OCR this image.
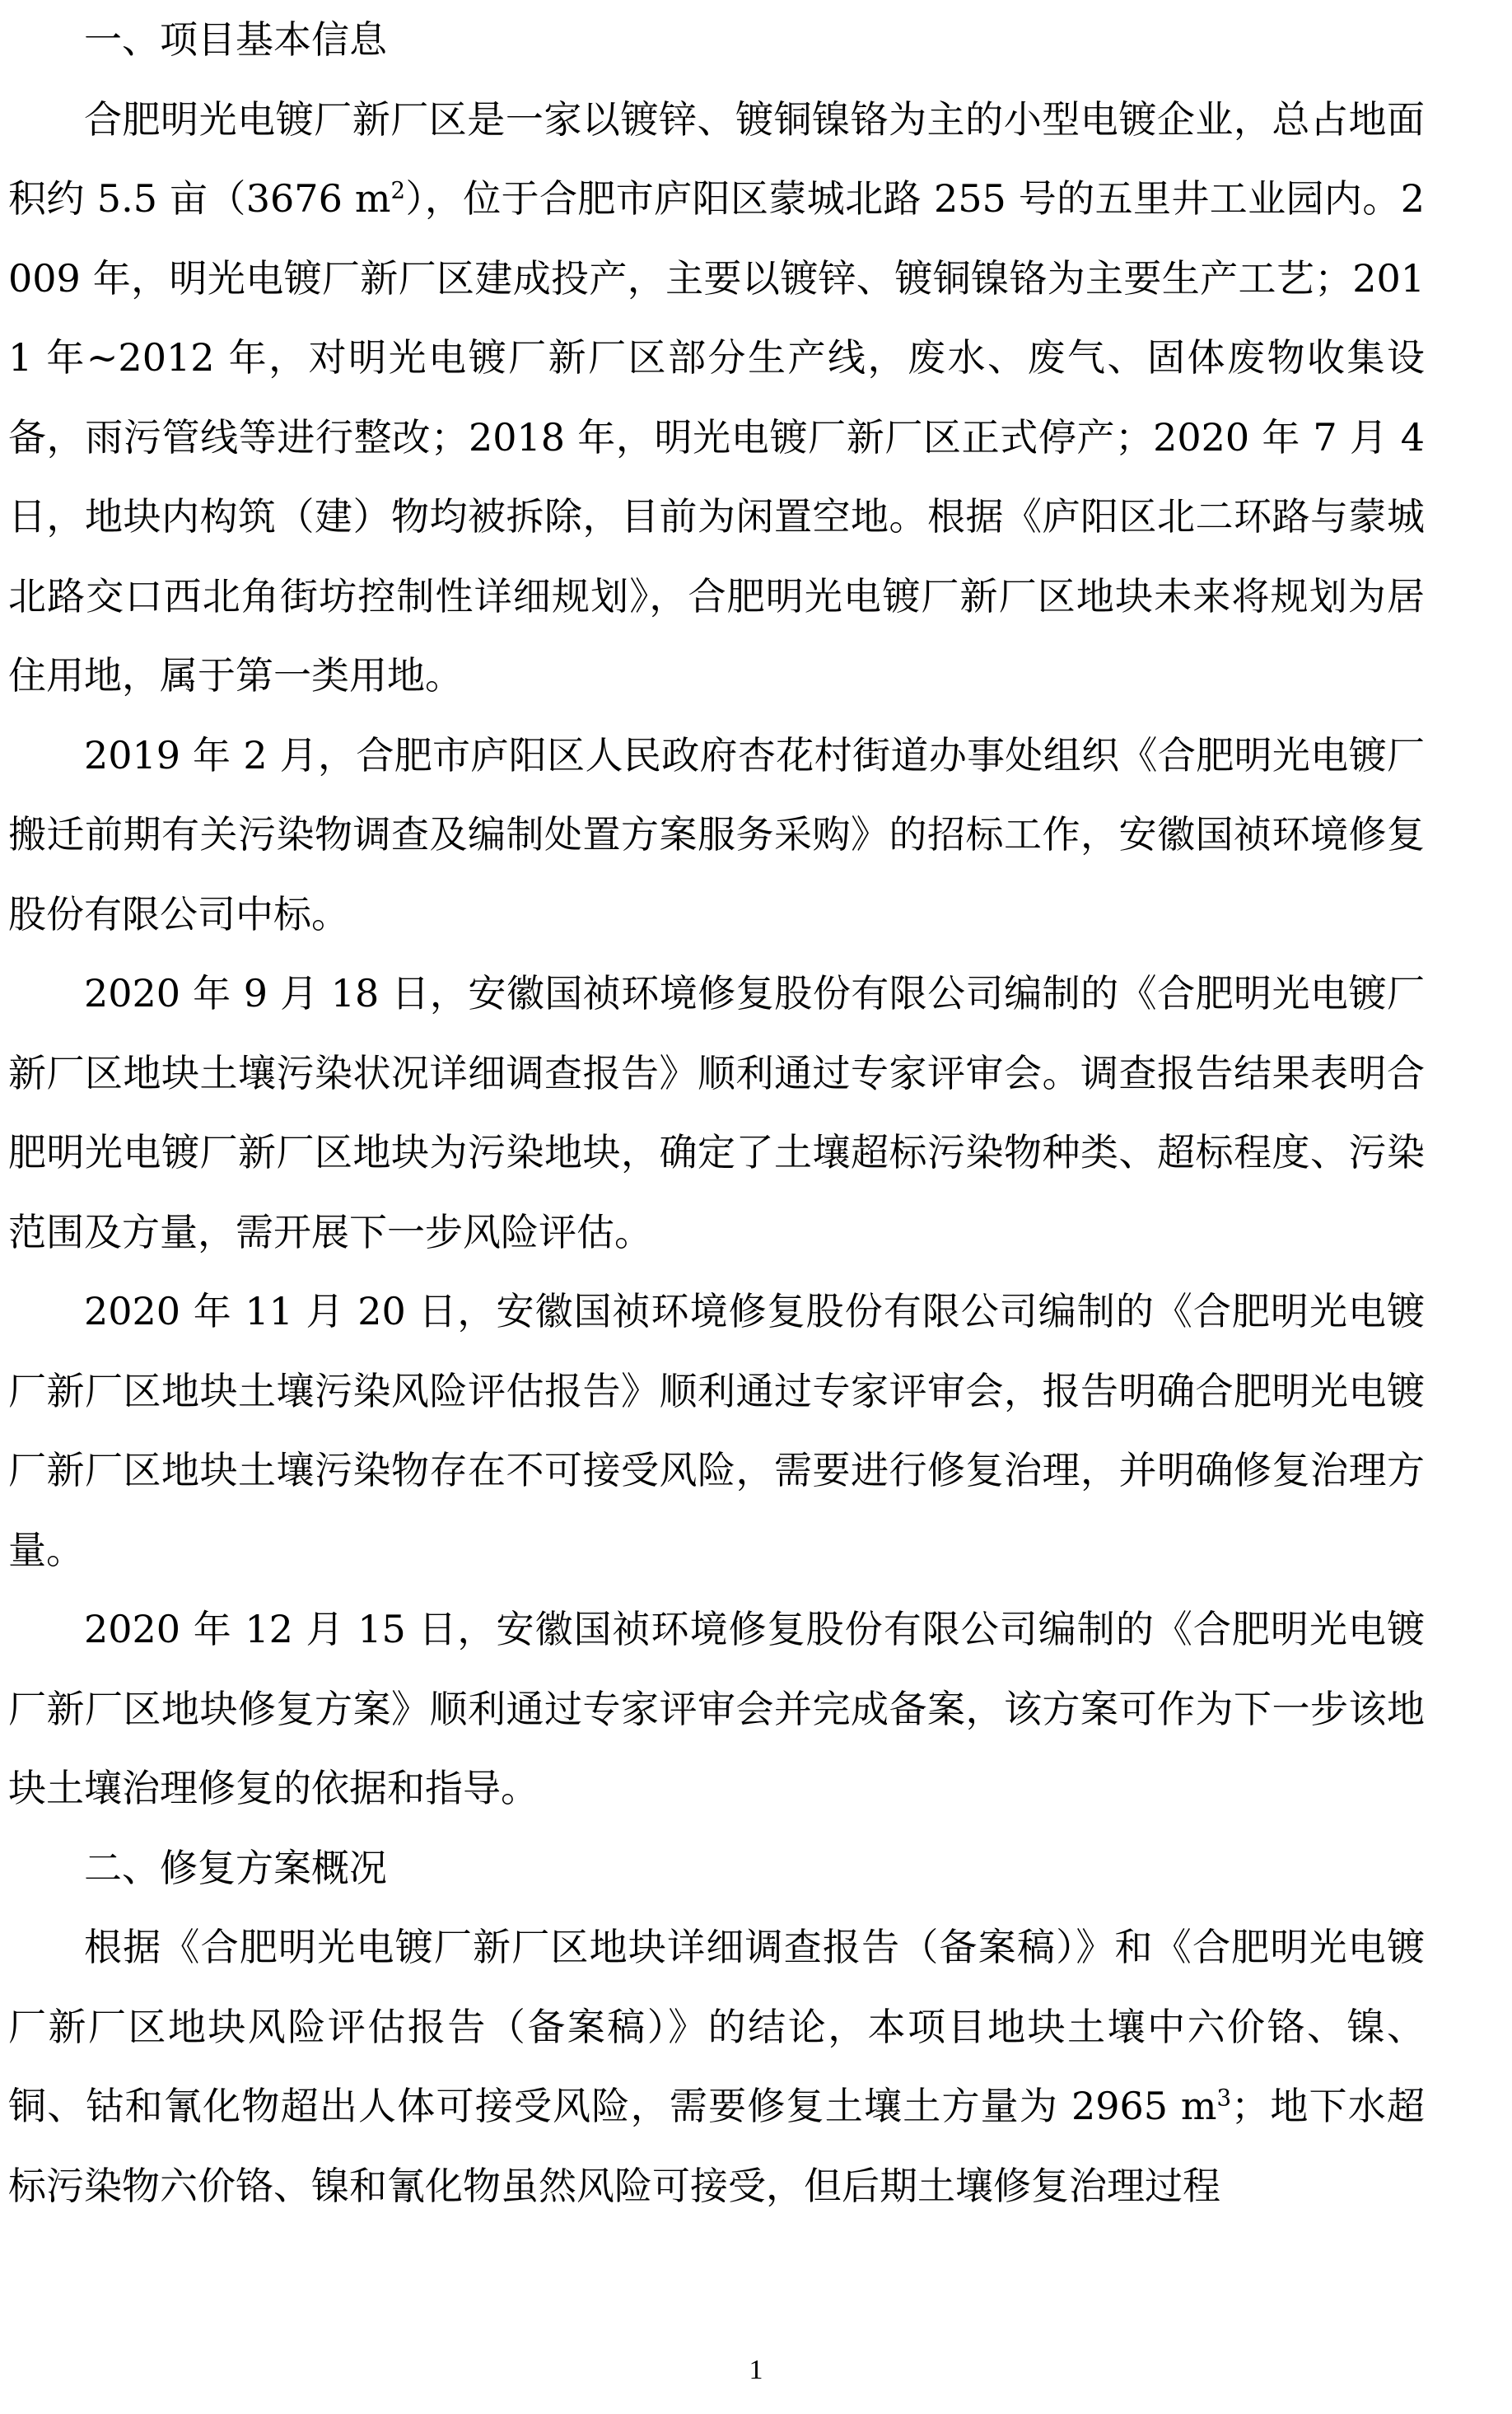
一、项目基本信息

合肥明光电镀厂新厂区是一家以镀锌、镀铜镍铬为主的小型电镀企业，总占地面积约 5.5 亩（3676 $m^2$），位于合肥市庐阳区蒙城北路 255 号的五里井工业园内。2009 年，明光电镀厂新厂区建成投产，主要以镀锌、镀铜镍铬为主要生产工艺；2011 年~2012 年，对明光电镀厂新厂区部分生产线，废水、废气、固体废物收集设备，雨污管线等进行整改；2018 年，明光电镀厂新厂区正式停产；2020 年 7 月 4 日，地块内构筑（建）物均被拆除，目前为闲置空地。根据《庐阳区北二环路与蒙城北路交口西北角街坊控制性详细规划》，合肥明光电镀厂新厂区地块未来将规划为居住用地，属于第一类用地。

2019 年 2 月，合肥市庐阳区人民政府杏花村街道办事处组织《合肥明光电镀厂搬迁前期有关污染物调查及编制处置方案服务采购》的招标工作，安徽国祯环境修复股份有限公司中标。

2020 年 9 月 18 日，安徽国祯环境修复股份有限公司编制的《合肥明光电镀厂新厂区地块土壤污染状况详细调查报告》顺利通过专家评审会。调查报告结果表明合肥明光电镀厂新厂区地块为污染地块，确定了土壤超标污染物种类、超标程度、污染范围及方量，需开展下一步风险评估。

2020 年 11 月 20 日，安徽国祯环境修复股份有限公司编制的《合肥明光电镀厂新厂区地块土壤污染风险评估报告》顺利通过专家评审会，报告明确合肥明光电镀厂新厂区地块土壤污染物存在不可接受风险，需要进行修复治理，并明确修复治理方量。

2020 年 12 月 15 日，安徽国祯环境修复股份有限公司编制的《合肥明光电镀厂新厂区地块修复方案》顺利通过专家评审会并完成备案，该方案可作为下一步该地块土壤治理修复的依据和指导。

二、修复方案概况

根据《合肥明光电镀厂新厂区地块详细调查报告（备案稿）》和《合肥明光电镀厂新厂区地块风险评估报告（备案稿）》的结论，本项目地块土壤中六价铬、镍、铜、钴和氰化物超出人体可接受风险，需要修复土壤土方量为 2965 $m^3$；地下水超标污染物六价铬、镍和氰化物虽然风险可接受，但后期土壤修复治理过程

1
